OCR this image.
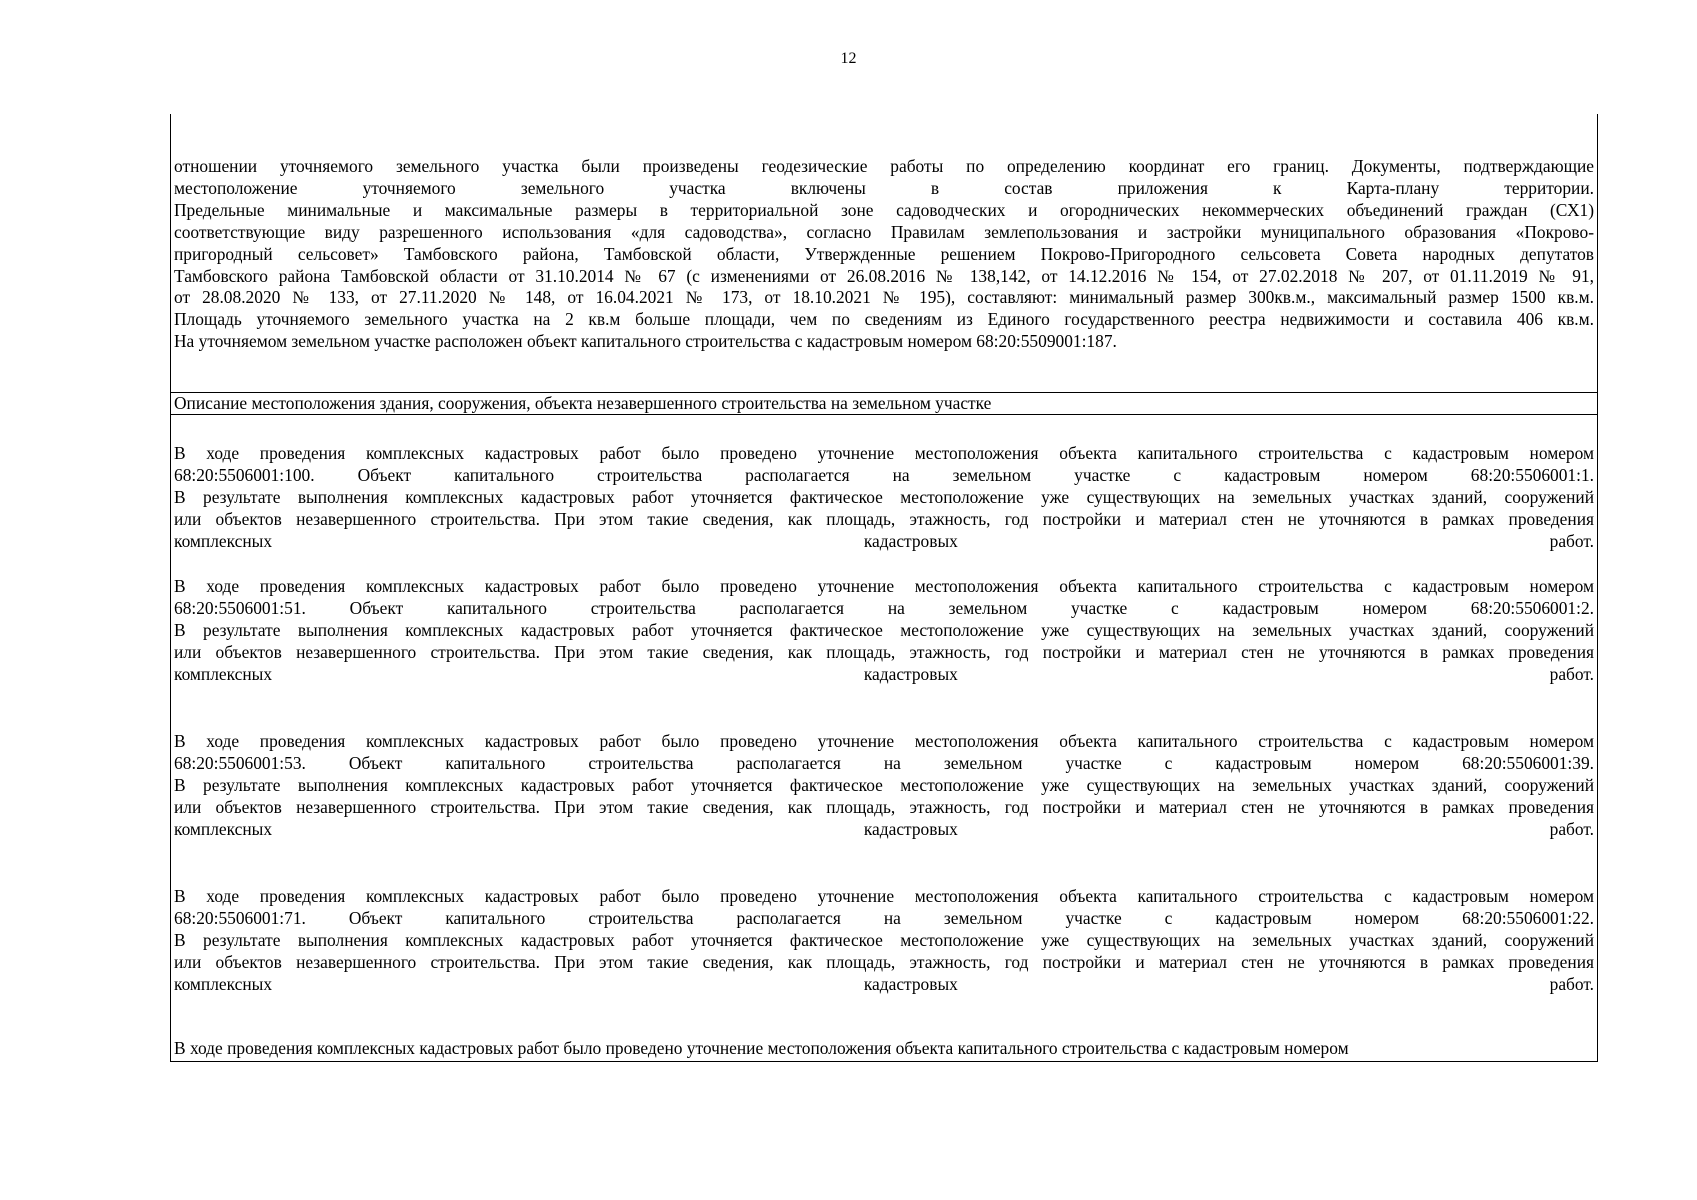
12
отношении уточняемого земельного участка были произведены геодезические работы по определению координат его границ. Документы, подтверждающие
местоположение уточняемого земельного участка включены в состав приложения к Карта-плану территории.
Предельные минимальные и максимальные размеры в территориальной зоне садоводческих и огороднических некоммерческих объединений граждан (СХ1)
соответствующие виду разрешенного использования «для садоводства», согласно Правилам землепользования и застройки муниципального образования «Покрово-
пригородный сельсовет» Тамбовского района, Тамбовской области, Утвержденные решением Покрово-Пригородного сельсовета Совета народных депутатов
Тамбовского района Тамбовской области от 31.10.2014 № 67 (с изменениями от 26.08.2016 № 138,142, от 14.12.2016 № 154, от 27.02.2018 № 207, от 01.11.2019 № 91,
от 28.08.2020 № 133, от 27.11.2020 № 148, от 16.04.2021 № 173, от 18.10.2021 № 195), составляют: минимальный размер 300кв.м., максимальный размер 1500 кв.м.
Площадь уточняемого земельного участка на 2 кв.м больше площади, чем по сведениям из Единого государственного реестра недвижимости и составила 406 кв.м.
На уточняемом земельном участке расположен объект капитального строительства с кадастровым номером 68:20:5509001:187.
Описание местоположения здания, сооружения, объекта незавершенного строительства на земельном участке
В ходе проведения комплексных кадастровых работ было проведено уточнение местоположения объекта капитального строительства с кадастровым номером
68:20:5506001:100. Объект капитального строительства располагается на земельном участке с кадастровым номером 68:20:5506001:1.
В результате выполнения комплексных кадастровых работ уточняется фактическое местоположение уже существующих на земельных участках зданий, сооружений
или объектов незавершенного строительства. При этом такие сведения, как площадь, этажность, год постройки и материал стен не уточняются в рамках проведения
комплексных кадастровых работ.
В ходе проведения комплексных кадастровых работ было проведено уточнение местоположения объекта капитального строительства с кадастровым номером
68:20:5506001:51. Объект капитального строительства располагается на земельном участке с кадастровым номером 68:20:5506001:2.
В результате выполнения комплексных кадастровых работ уточняется фактическое местоположение уже существующих на земельных участках зданий, сооружений
или объектов незавершенного строительства. При этом такие сведения, как площадь, этажность, год постройки и материал стен не уточняются в рамках проведения
комплексных кадастровых работ.
В ходе проведения комплексных кадастровых работ было проведено уточнение местоположения объекта капитального строительства с кадастровым номером
68:20:5506001:53. Объект капитального строительства располагается на земельном участке с кадастровым номером 68:20:5506001:39.
В результате выполнения комплексных кадастровых работ уточняется фактическое местоположение уже существующих на земельных участках зданий, сооружений
или объектов незавершенного строительства. При этом такие сведения, как площадь, этажность, год постройки и материал стен не уточняются в рамках проведения
комплексных кадастровых работ.
В ходе проведения комплексных кадастровых работ было проведено уточнение местоположения объекта капитального строительства с кадастровым номером
68:20:5506001:71. Объект капитального строительства располагается на земельном участке с кадастровым номером 68:20:5506001:22.
В результате выполнения комплексных кадастровых работ уточняется фактическое местоположение уже существующих на земельных участках зданий, сооружений
или объектов незавершенного строительства. При этом такие сведения, как площадь, этажность, год постройки и материал стен не уточняются в рамках проведения
комплексных кадастровых работ.
В ходе проведения комплексных кадастровых работ было проведено уточнение местоположения объекта капитального строительства с кадастровым номером
